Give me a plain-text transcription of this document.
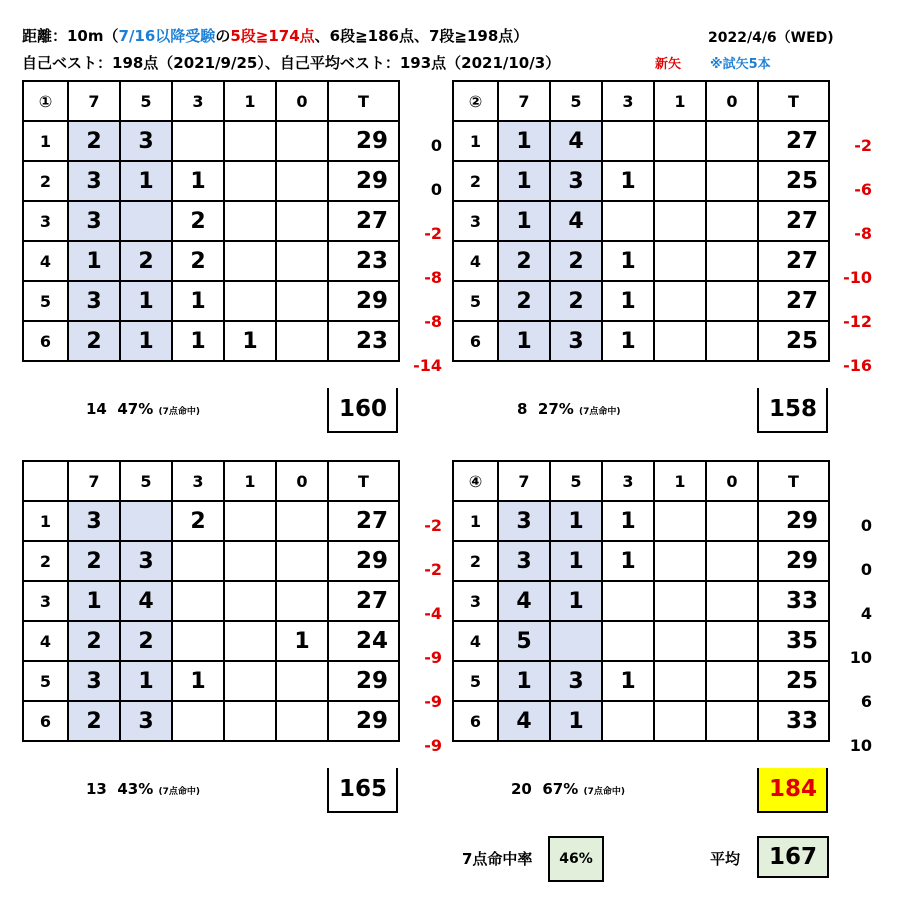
距離：10m（7/16以降受験の5段≧174点、6段≧186点、7段≧198点）
自己ベスト：198点（2021/9/25）、自己平均ベスト：193点（2021/10/3）
2022/4/6（WED)
新矢 ※試矢5本
①	7	5	3	1	0	T
1	2	3				29
2	3	1	1			29
3	3		2			27
4	1	2	2			23
5	3	1	1			29
6	2	1	1	1		23
②	7	5	3	1	0	T
1	1	4				27
2	1	3	1			25
3	1	4				27
4	2	2	1			27
5	2	2	1			27
6	1	3	1			25
	7	5	3	1	0	T
1	3		2			27
2	2	3				29
3	1	4				27
4	2	2			1	24
5	3	1	1			29
6	2	3				29
④	7	5	3	1	0	T
1	3	1	1			29
2	3	1	1			29
3	4	1				33
4	5					35
5	1	3	1			25
6	4	1				33
0
0
-2
-8
-8
-14
-2
-6
-8
-10
-12
-16
-2
-2
-4
-9
-9
-9
0
0
4
10
6
10
14 47% (7点命中)	8 27% (7点命中)
13 43% (7点命中)	20 67% (7点命中)
160	158
165	184
7点命中率	46%	平均	167
